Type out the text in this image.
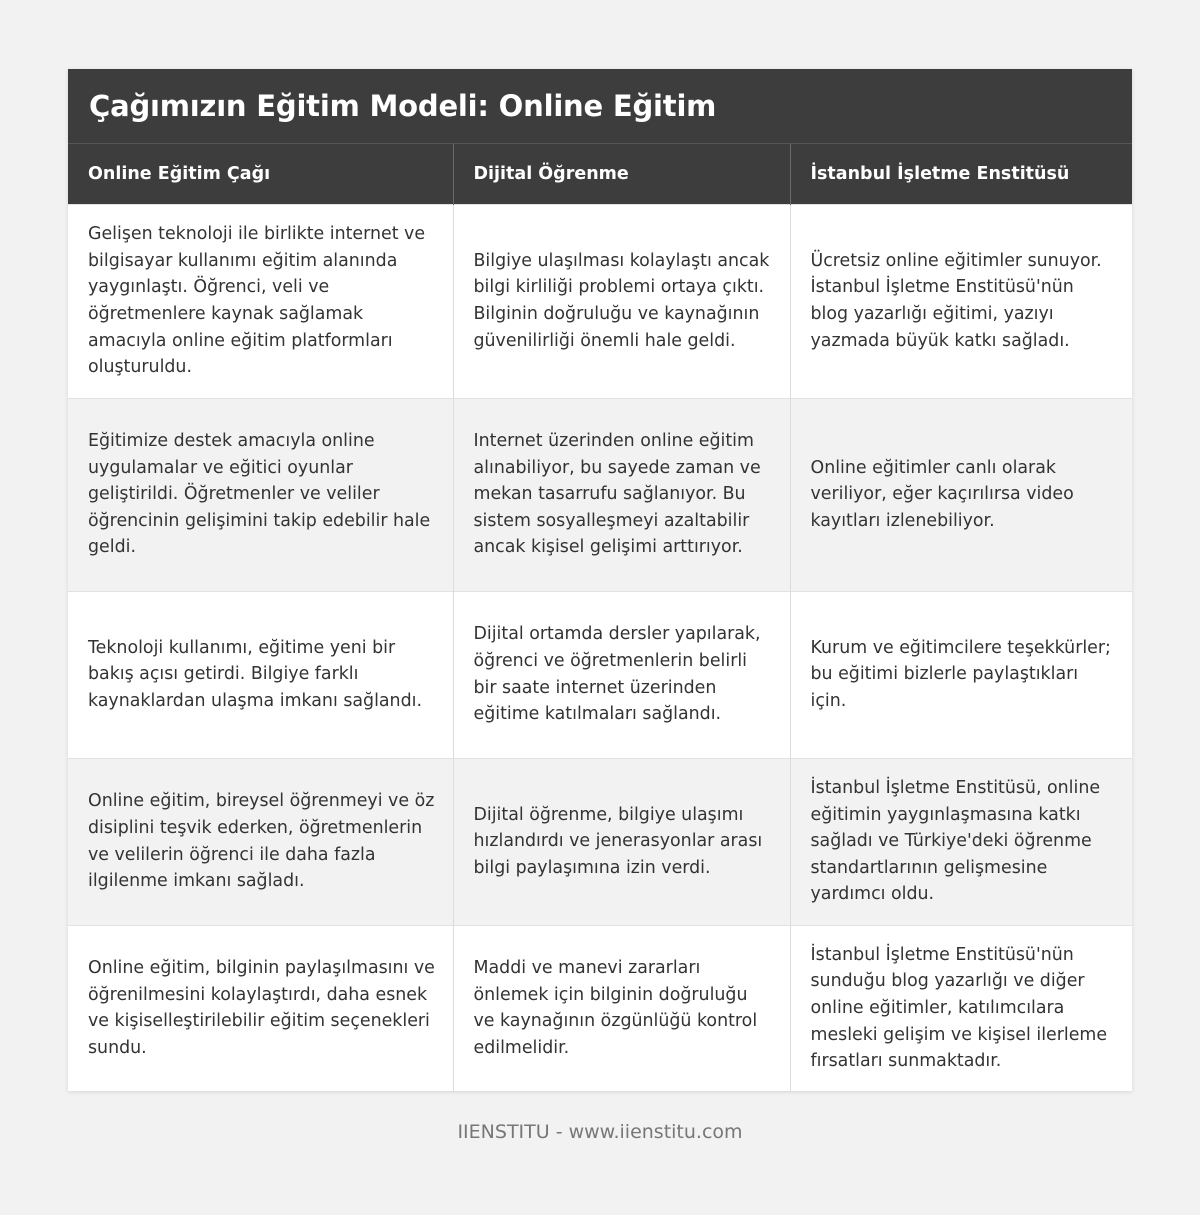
Çağımızın Eğitim Modeli: Online Eğitim
Online Eğitim Çağı	Dijital Öğrenme	İstanbul İşletme Enstitüsü
Gelişen teknoloji ile birlikte internet ve bilgisayar kullanımı eğitim alanında yaygınlaştı. Öğrenci, veli ve öğretmenlere kaynak sağlamak amacıyla online eğitim platformları oluşturuldu.	Bilgiye ulaşılması kolaylaştı ancak bilgi kirliliği problemi ortaya çıktı. Bilginin doğruluğu ve kaynağının güvenilirliği önemli hale geldi.	Ücretsiz online eğitimler sunuyor. İstanbul İşletme Enstitüsü'nün blog yazarlığı eğitimi, yazıyı yazmada büyük katkı sağladı.
Eğitimize destek amacıyla online uygulamalar ve eğitici oyunlar geliştirildi. Öğretmenler ve veliler öğrencinin gelişimini takip edebilir hale geldi.	Internet üzerinden online eğitim alınabiliyor, bu sayede zaman ve mekan tasarrufu sağlanıyor. Bu sistem sosyalleşmeyi azaltabilir ancak kişisel gelişimi arttırıyor.	Online eğitimler canlı olarak veriliyor, eğer kaçırılırsa video kayıtları izlenebiliyor.
Teknoloji kullanımı, eğitime yeni bir bakış açısı getirdi. Bilgiye farklı kaynaklardan ulaşma imkanı sağlandı.	Dijital ortamda dersler yapılarak, öğrenci ve öğretmenlerin belirli bir saate internet üzerinden eğitime katılmaları sağlandı.	Kurum ve eğitimcilere teşekkürler; bu eğitimi bizlerle paylaştıkları için.
Online eğitim, bireysel öğrenmeyi ve öz disiplini teşvik ederken, öğretmenlerin ve velilerin öğrenci ile daha fazla ilgilenme imkanı sağladı.	Dijital öğrenme, bilgiye ulaşımı hızlandırdı ve jenerasyonlar arası bilgi paylaşımına izin verdi.	İstanbul İşletme Enstitüsü, online eğitimin yaygınlaşmasına katkı sağladı ve Türkiye'deki öğrenme standartlarının gelişmesine yardımcı oldu.
Online eğitim, bilginin paylaşılmasını ve öğrenilmesini kolaylaştırdı, daha esnek ve kişiselleştirilebilir eğitim seçenekleri sundu.	Maddi ve manevi zararları önlemek için bilginin doğruluğu ve kaynağının özgünlüğü kontrol edilmelidir.	İstanbul İşletme Enstitüsü'nün sunduğu blog yazarlığı ve diğer online eğitimler, katılımcılara mesleki gelişim ve kişisel ilerleme fırsatları sunmaktadır.
IIENSTITU - www.iienstitu.com
